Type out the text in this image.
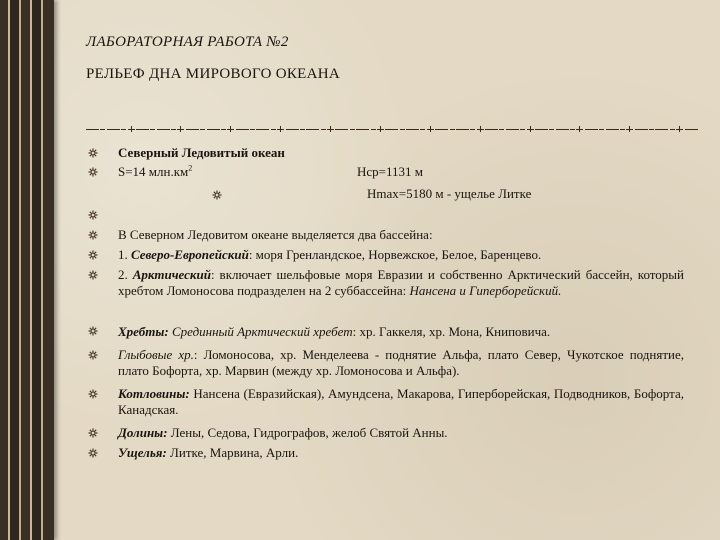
ЛАБОРАТОРНАЯ РАБОТА №2
РЕЛЬЕФ ДНА МИРОВОГО ОКЕАНА
Северный Ледовитый океан
S=14 $млн.км^2$	Нср=1131 м
Нmax=5180 м - ущелье Литке
В Северном Ледовитом океане выделяется два бассейна:
1. Северо-Европейский: моря Гренландское, Норвежское, Белое, Баренцево.
2. Арктический: включает шельфовые моря Евразии и собственно Арктический бассейн, который хребтом Ломоносова подразделен на 2 суббассейна: Нансена и Гиперборейский.
Хребты: Срединный Арктический хребет: хр. Гаккеля, хр. Мона, Книповича.
Глыбовые хр.: Ломоносова, хр. Менделеева - поднятие Альфа, плато Север, Чукотское поднятие, плато Бофорта, хр. Марвин (между хр. Ломоносова и Альфа).
Котловины: Нансена (Евразийская), Амундсена, Макарова, Гиперборейская, Подводников, Бофорта, Канадская.
Долины: Лены, Седова, Гидрографов, желоб Святой Анны.
Ущелья: Литке, Марвина, Арли.
